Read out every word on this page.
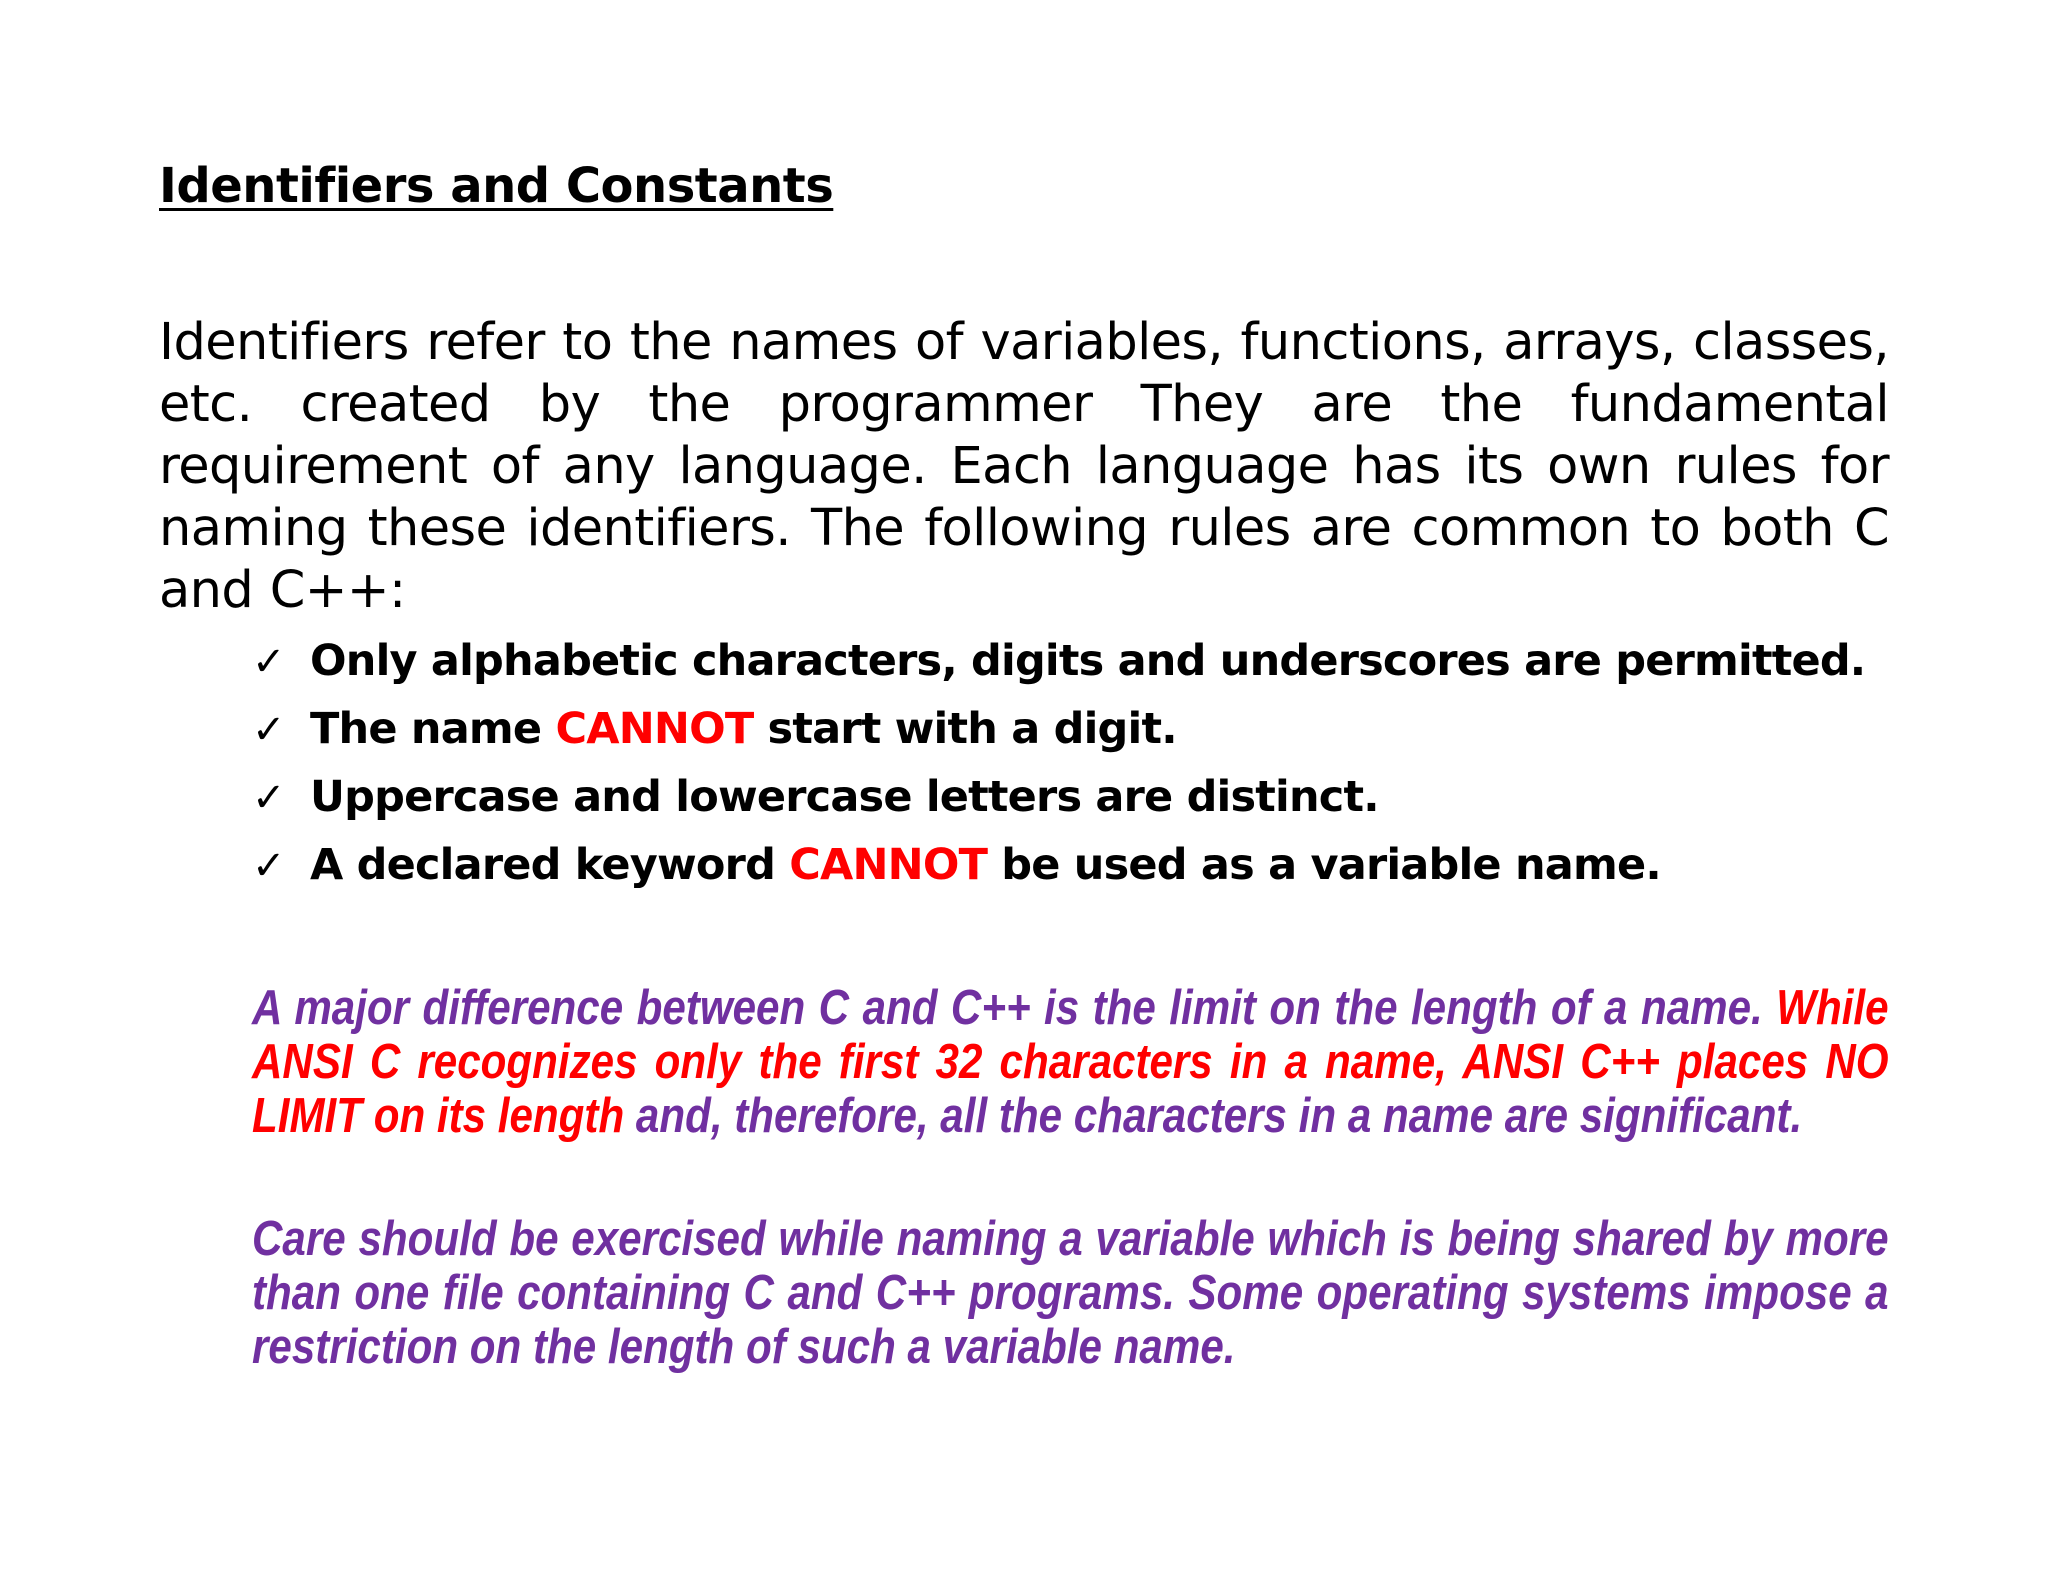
Identifiers and Constants

Identifiers refer to the names of variables, functions, arrays, classes, etc. created by the programmer They are the fundamental requirement of any language. Each language has its own rules for naming these identifiers. The following rules are common to both C and C++:

✓ Only alphabetic characters, digits and underscores are permitted.
✓ The name CANNOT start with a digit.
✓ Uppercase and lowercase letters are distinct.
✓ A declared keyword CANNOT be used as a variable name.

A major difference between C and C++ is the limit on the length of a name. While ANSI C recognizes only the first 32 characters in a name, ANSI C++ places NO LIMIT on its length and, therefore, all the characters in a name are significant.

Care should be exercised while naming a variable which is being shared by more than one file containing C and C++ programs. Some operating systems impose a restriction on the length of such a variable name.
